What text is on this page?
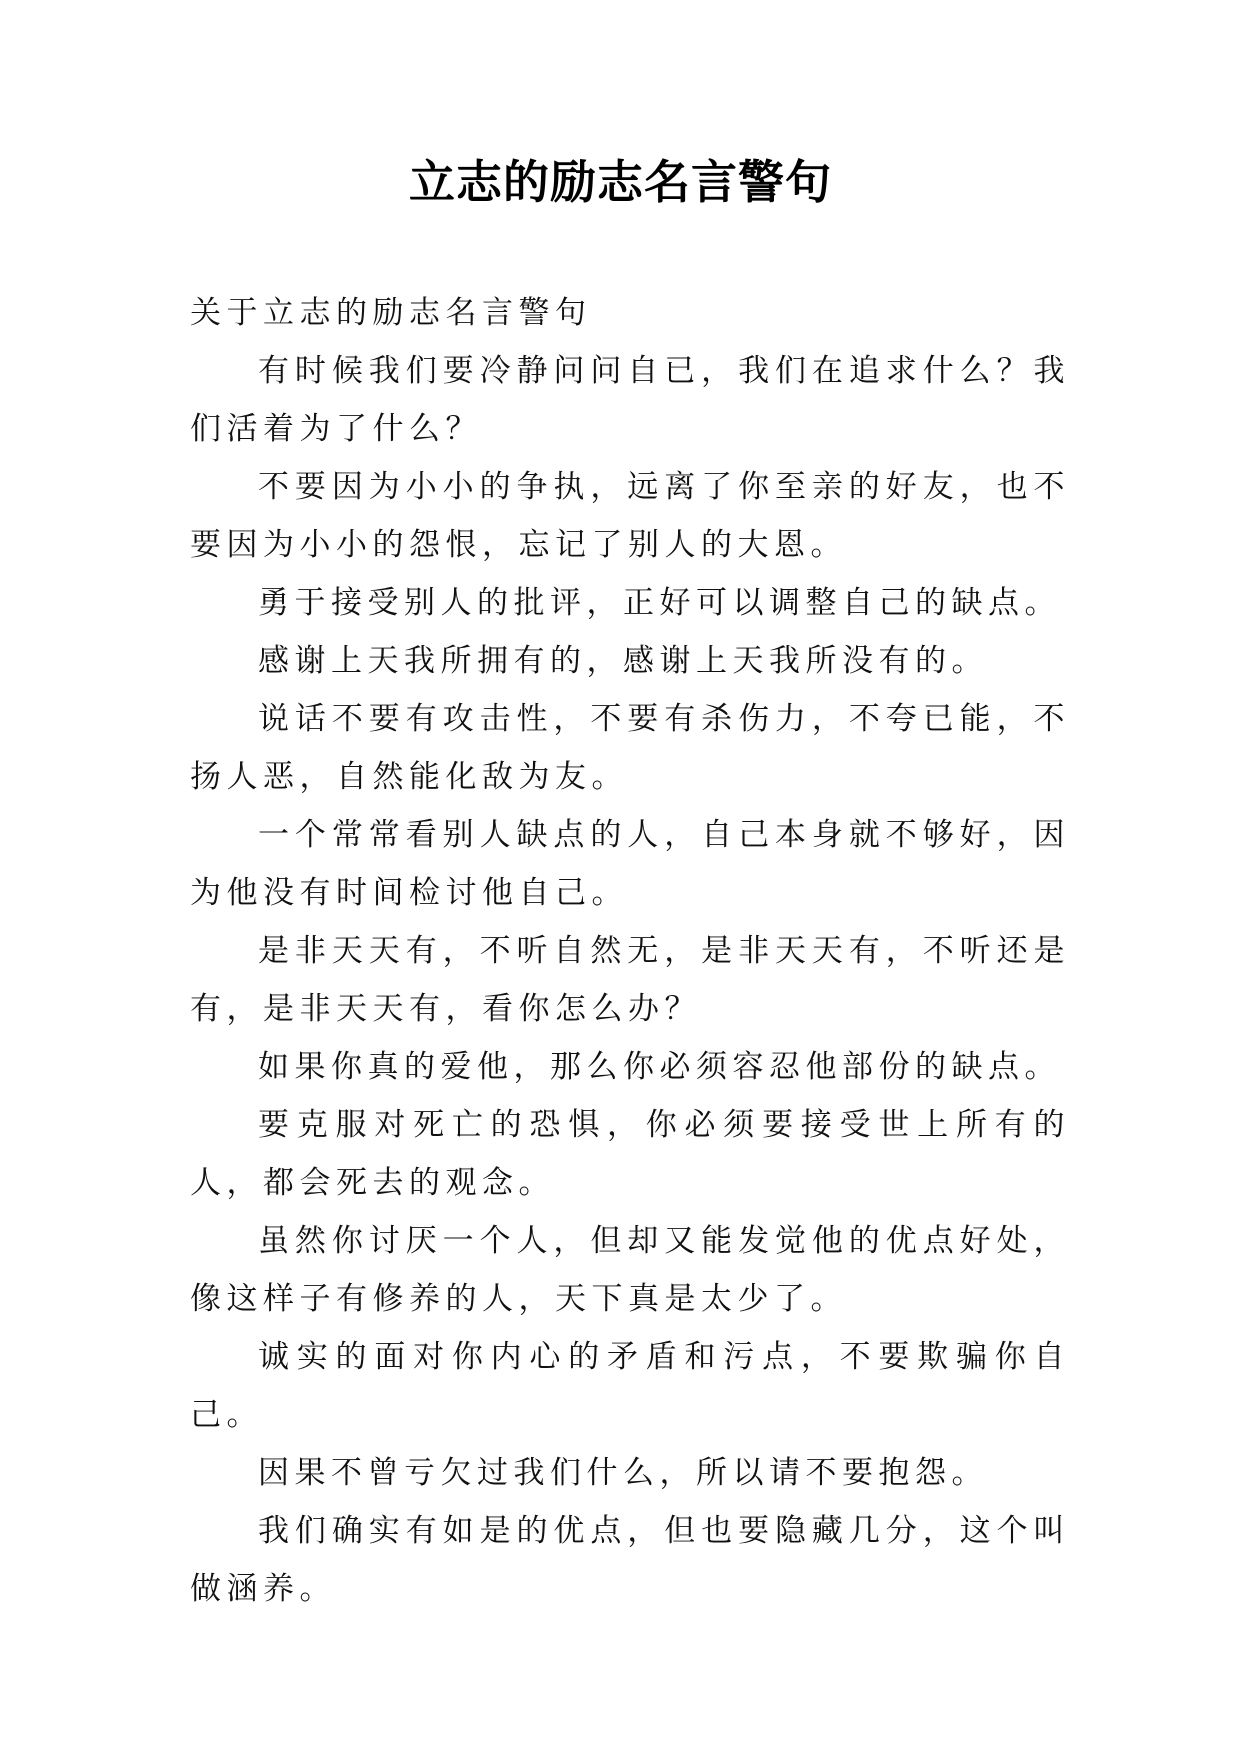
立志的励志名言警句

关于立志的励志名言警句

有时候我们要冷静问问自已，我们在追求什么？我们活着为了什么？

不要因为小小的争执，远离了你至亲的好友，也不要因为小小的怨恨，忘记了别人的大恩。

勇于接受别人的批评，正好可以调整自己的缺点。

感谢上天我所拥有的，感谢上天我所没有的。

说话不要有攻击性，不要有杀伤力，不夸已能，不扬人恶，自然能化敌为友。

一个常常看别人缺点的人，自己本身就不够好，因为他没有时间检讨他自己。

是非天天有，不听自然无，是非天天有，不听还是有，是非天天有，看你怎么办？

如果你真的爱他，那么你必须容忍他部份的缺点。

要克服对死亡的恐惧，你必须要接受世上所有的人，都会死去的观念。

虽然你讨厌一个人，但却又能发觉他的优点好处，像这样子有修养的人，天下真是太少了。

诚实的面对你内心的矛盾和污点，不要欺骗你自己。

因果不曾亏欠过我们什么，所以请不要抱怨。

我们确实有如是的优点，但也要隐藏几分，这个叫做涵养。
